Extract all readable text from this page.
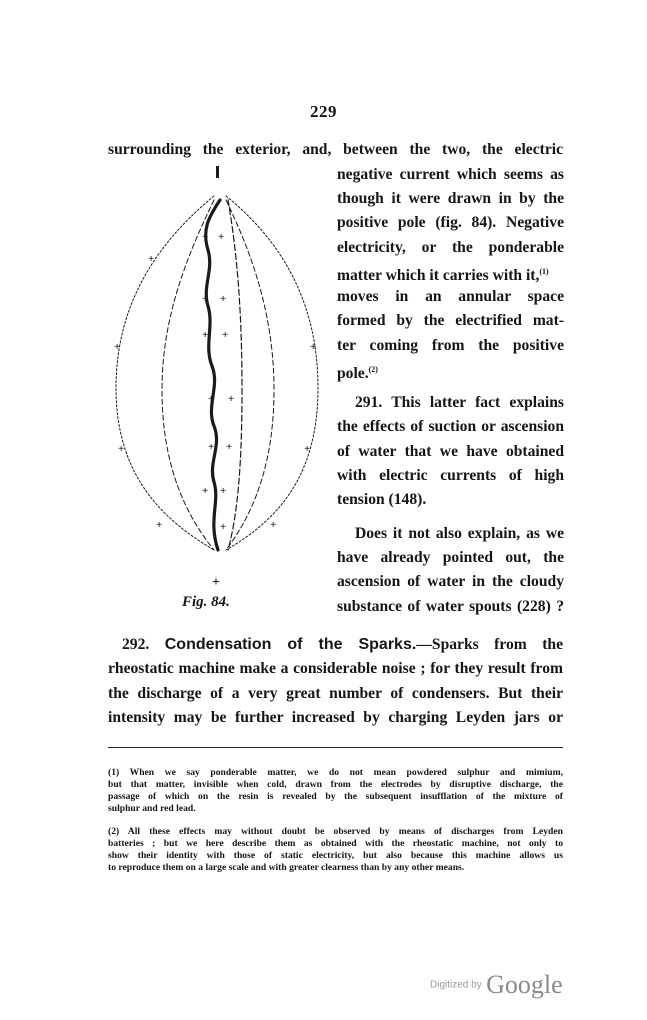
229
surrounding the exterior, and, between the two, the electric
negative current which seems as
though it were drawn in by the
positive pole (fig. 84). Negative
electricity, or the ponderable
matter which it carries with it,$^{(1)}$
moves in an annular space
formed by the electrified mat-
ter coming from the positive
pole.$^{(2)}$
291. This latter fact explains
the effects of suction or ascension
of water that we have obtained
with electric currents of high
tension (148).
Does it not also explain, as we
have already pointed out, the
ascension of water in the cloudy
substance of water spouts (228) ?
292. Condensation of the Sparks.—Sparks from the
rheostatic machine make a considerable noise ; for they result from
the discharge of a very great number of condensers. But their
intensity may be further increased by charging Leyden jars or
+
+
+ +
+ +
+ +
+	+
+ +
+	+
+ +
+ +
+	+	+
Fig. 84.
(1) When we say ponderable matter, we do not mean powdered sulphur and mimium,
but that matter, invisible when cold, drawn from the electrodes by disruptive discharge, the
passage of which on the resin is revealed by the subsequent insufflation of the mixture of
sulphur and red lead.
(2) All these effects may without doubt be observed by means of discharges from Leyden
batteries ; but we here describe them as obtained with the rheostatic machine, not only to
show their identity with those of static electricity, but also because this machine allows us
to reproduce them on a large scale and with greater clearness than by any other means.
Digitized by Google
